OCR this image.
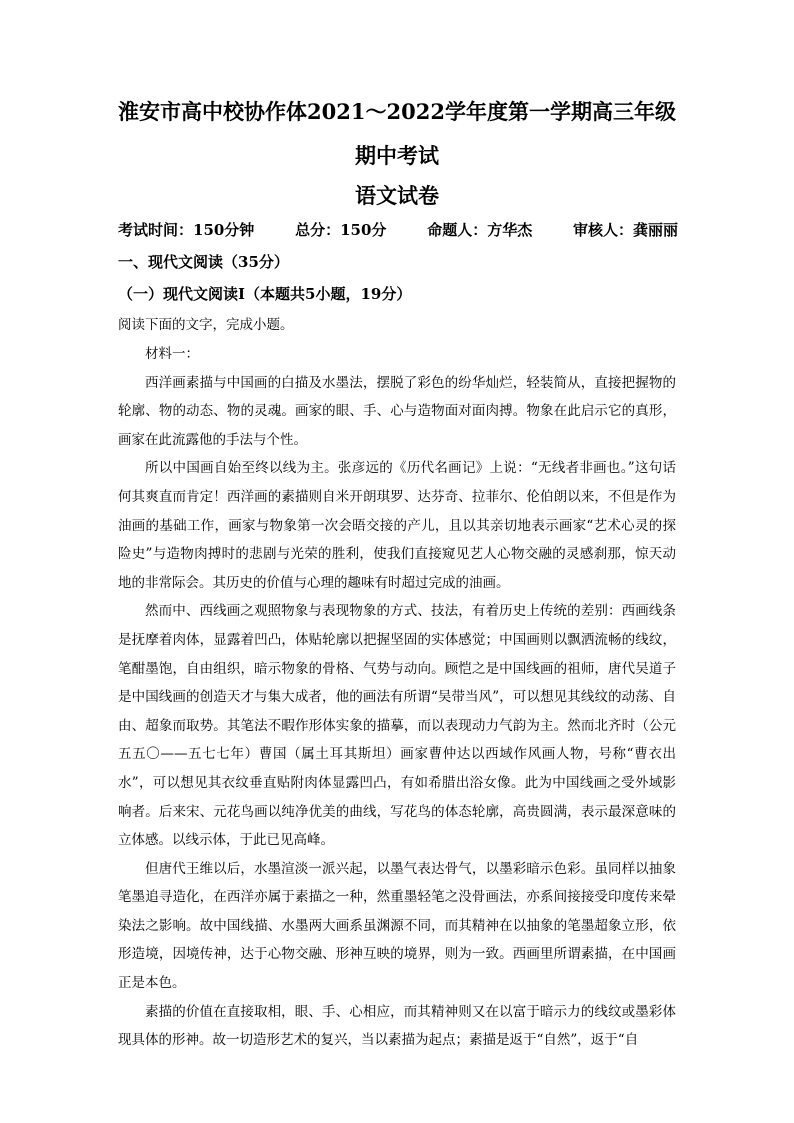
淮安市高中校协作体2021～2022学年度第一学期高三年级
期中考试
语文试卷
考试时间：150分钟	总分：150分	命题人：方华杰	审核人：龚丽丽
一、现代文阅读（35分）
（一）现代文阅读Ⅰ（本题共5小题，19分）
阅读下面的文字，完成小题。

材料一：

西洋画素描与中国画的白描及水墨法，摆脱了彩色的纷华灿烂，轻装简从，直接把握物的轮廓、物的动态、物的灵魂。画家的眼、手、心与造物面对面肉搏。物象在此启示它的真形，画家在此流露他的手法与个性。

所以中国画自始至终以线为主。张彦远的《历代名画记》上说：“无线者非画也。”这句话何其爽直而肯定！西洋画的素描则自米开朗琪罗、达芬奇、拉菲尔、伦伯朗以来，不但是作为油画的基础工作，画家与物象第一次会晤交接的产儿，且以其亲切地表示画家“艺术心灵的探险史”与造物肉搏时的悲剧与光荣的胜利，使我们直接窥见艺人心物交融的灵感刹那，惊天动地的非常际会。其历史的价值与心理的趣味有时超过完成的油画。

然而中、西线画之观照物象与表现物象的方式、技法，有着历史上传统的差别：西画线条是抚摩着肉体，显露着凹凸，体贴轮廓以把握坚固的实体感觉；中国画则以飘洒流畅的线纹，笔酣墨饱，自由组织，暗示物象的骨格、气势与动向。顾恺之是中国线画的祖师，唐代吴道子是中国线画的创造天才与集大成者，他的画法有所谓“吴带当风”，可以想见其线纹的动荡、自由、超象而取势。其笔法不暇作形体实象的描摹，而以表现动力气韵为主。然而北齐时（公元五五〇——五七七年）曹国（属土耳其斯坦）画家曹仲达以西域作风画人物，号称“曹衣出水”，可以想见其衣纹垂直贴附肉体显露凹凸，有如希腊出浴女像。此为中国线画之受外域影响者。后来宋、元花鸟画以纯净优美的曲线，写花鸟的体态轮廓，高贵圆满，表示最深意味的立体感。以线示体，于此已见高峰。

但唐代王维以后，水墨渲淡一派兴起，以墨气表达骨气，以墨彩暗示色彩。虽同样以抽象笔墨追寻造化，在西洋亦属于素描之一种，然重墨轻笔之没骨画法，亦系间接接受印度传来晕染法之影响。故中国线描、水墨两大画系虽渊源不同，而其精神在以抽象的笔墨超象立形，依形造境，因境传神，达于心物交融、形神互映的境界，则为一致。西画里所谓素描，在中国画正是本色。

素描的价值在直接取相，眼、手、心相应，而其精神则又在以富于暗示力的线纹或墨彩体现具体的形神。故一切造形艺术的复兴，当以素描为起点；素描是返于“自然”，返于“自
